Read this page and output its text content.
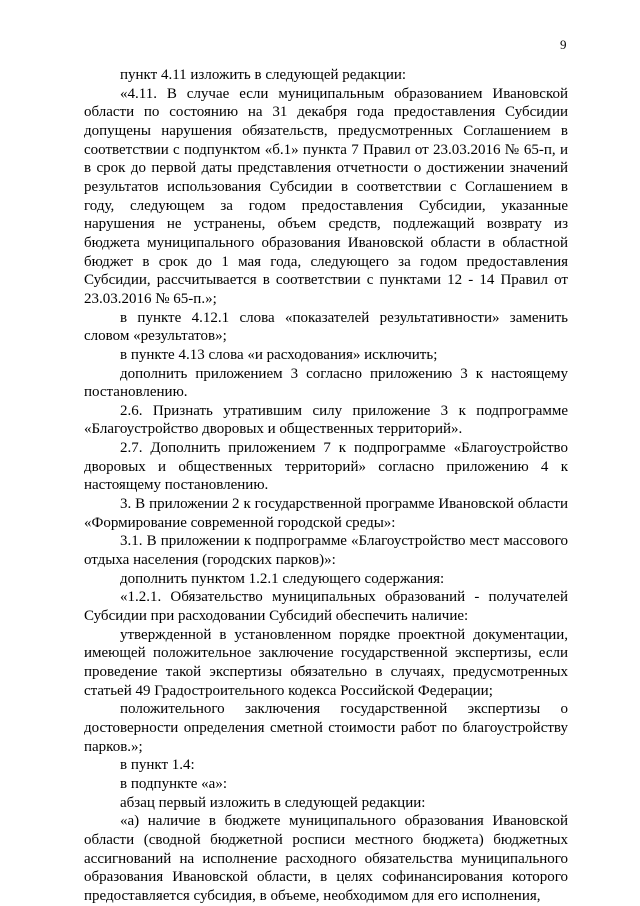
9

пункт 4.11 изложить в следующей редакции:

«4.11. В случае если муниципальным образованием Ивановской области по состоянию на 31 декабря года предоставления Субсидии допущены нарушения обязательств, предусмотренных Соглашением в соответствии с подпунктом «б.1» пункта 7 Правил от 23.03.2016 № 65-п, и в срок до первой даты представления отчетности о достижении значений результатов использования Субсидии в соответствии с Соглашением в году, следующем за годом предоставления Субсидии, указанные нарушения не устранены, объем средств, подлежащий возврату из бюджета муниципального образования Ивановской области в областной бюджет в срок до 1 мая года, следующего за годом предоставления Субсидии, рассчитывается в соответствии с пунктами 12 - 14 Правил от 23.03.2016 № 65-п.»;

в пункте 4.12.1 слова «показателей результативности» заменить словом «результатов»;

в пункте 4.13 слова «и расходования» исключить;

дополнить приложением 3 согласно приложению 3 к настоящему постановлению.

2.6. Признать утратившим силу приложение 3 к подпрограмме «Благоустройство дворовых и общественных территорий».

2.7. Дополнить приложением 7 к подпрограмме «Благоустройство дворовых и общественных территорий» согласно приложению 4 к настоящему постановлению.

3. В приложении 2 к государственной программе Ивановской области «Формирование современной городской среды»:

3.1. В приложении к подпрограмме «Благоустройство мест массового отдыха населения (городских парков)»:

дополнить пунктом 1.2.1 следующего содержания:

«1.2.1. Обязательство муниципальных образований - получателей Субсидии при расходовании Субсидий обеспечить наличие:

утвержденной в установленном порядке проектной документации, имеющей положительное заключение государственной экспертизы, если проведение такой экспертизы обязательно в случаях, предусмотренных статьей 49 Градостроительного кодекса Российской Федерации;

положительного заключения государственной экспертизы о достоверности определения сметной стоимости работ по благоустройству парков.»;

в пункт 1.4:

в подпункте «а»:

абзац первый изложить в следующей редакции:

«а) наличие в бюджете муниципального образования Ивановской области (сводной бюджетной росписи местного бюджета) бюджетных ассигнований на исполнение расходного обязательства муниципального образования Ивановской области, в целях софинансирования которого предоставляется субсидия, в объеме, необходимом для его исполнения,
